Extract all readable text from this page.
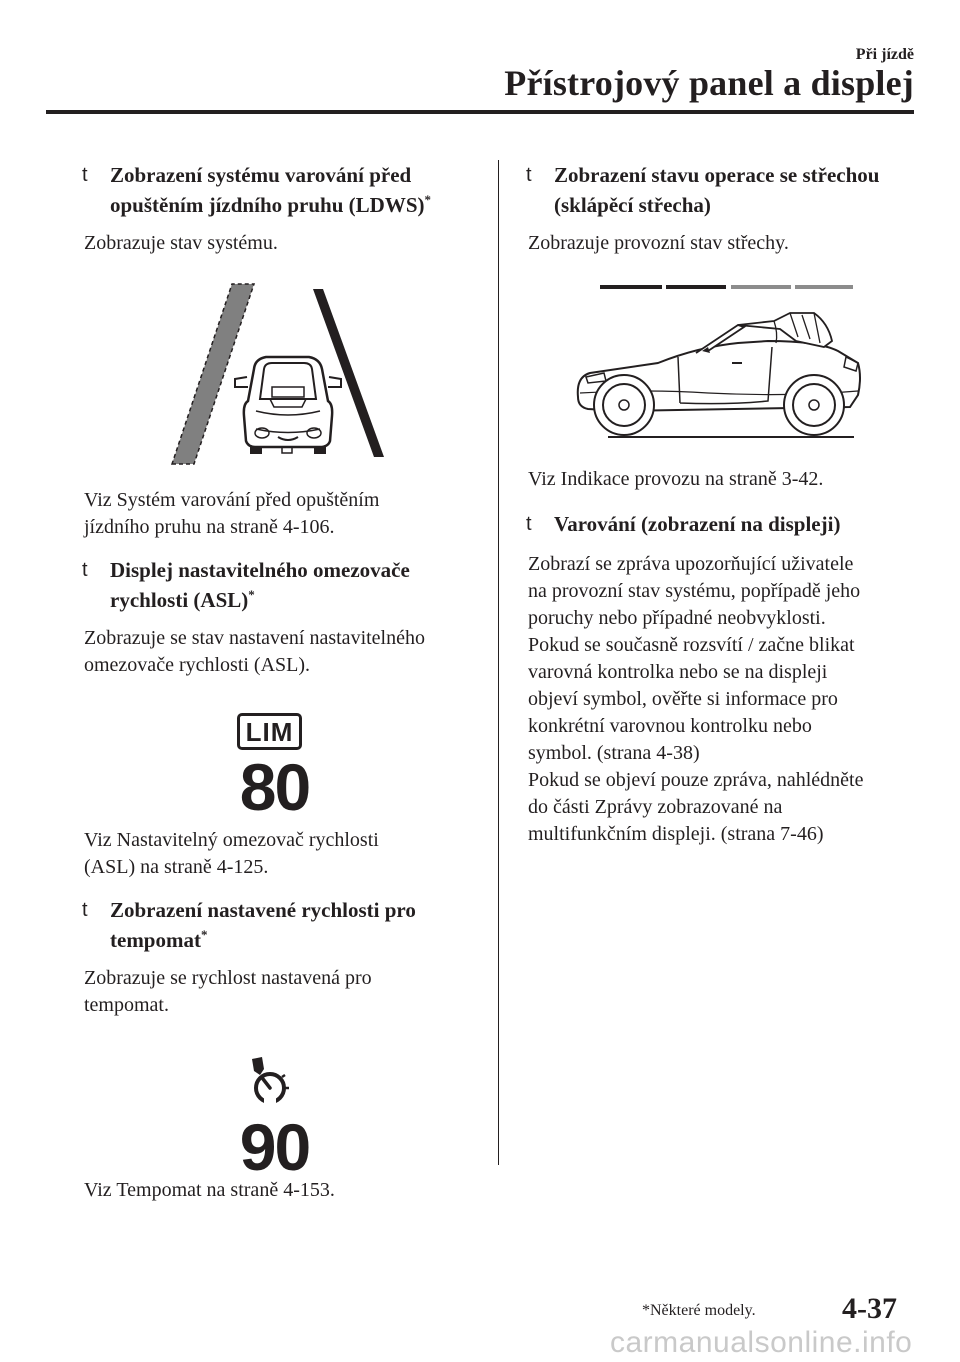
Při jízdě
Přístrojový panel a displej

t Zobrazení systému varování před
opuštěním jízdního pruhu (LDWS)*

Zobrazuje stav systému.

Viz Systém varování před opuštěním
jízdního pruhu na straně 4-106.

t Displej nastavitelného omezovače
rychlosti (ASL)*

Zobrazuje se stav nastavení nastavitelného
omezovače rychlosti (ASL).

LIM
80

Viz Nastavitelný omezovač rychlosti
(ASL) na straně 4-125.

t Zobrazení nastavené rychlosti pro
tempomat*

Zobrazuje se rychlost nastavená pro
tempomat.

90

Viz Tempomat na straně 4-153.

t Zobrazení stavu operace se střechou
(sklápěcí střecha)

Zobrazuje provozní stav střechy.

Viz Indikace provozu na straně 3-42.

t Varování (zobrazení na displeji)

Zobrazí se zpráva upozorňující uživatele
na provozní stav systému, popřípadě jeho
poruchy nebo případné neobvyklosti.
Pokud se současně rozsvítí / začne blikat
varovná kontrolka nebo se na displeji
objeví symbol, ověřte si informace pro
konkrétní varovnou kontrolku nebo
symbol. (strana 4-38)
Pokud se objeví pouze zpráva, nahlédněte
do části Zprávy zobrazované na
multifunkčním displeji. (strana 7-46)

*Některé modely.	4-37
carmanualsonline.info
